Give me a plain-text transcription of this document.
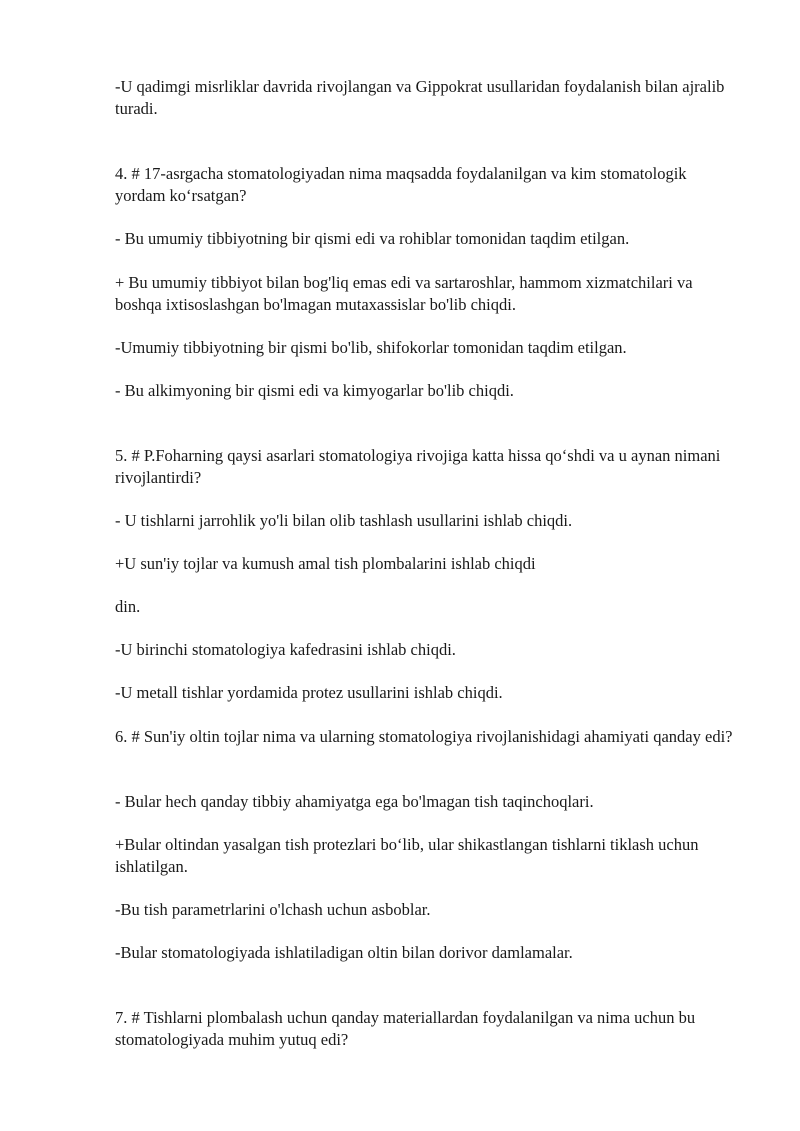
-U qadimgi misrliklar davrida rivojlangan va Gippokrat usullaridan foydalanish bilan ajralib turadi.

4. # 17-asrgacha stomatologiyadan nima maqsadda foydalanilgan va kim stomatologik yordam ko‘rsatgan?

- Bu umumiy tibbiyotning bir qismi edi va rohiblar tomonidan taqdim etilgan.

+ Bu umumiy tibbiyot bilan bog'liq emas edi va sartaroshlar, hammom xizmatchilari va boshqa ixtisoslashgan bo'lmagan mutaxassislar bo'lib chiqdi.

-Umumiy tibbiyotning bir qismi bo'lib, shifokorlar tomonidan taqdim etilgan.

- Bu alkimyoning bir qismi edi va kimyogarlar bo'lib chiqdi.

5. # P.Foharning qaysi asarlari stomatologiya rivojiga katta hissa qo‘shdi va u aynan nimani rivojlantirdi?

- U tishlarni jarrohlik yo'li bilan olib tashlash usullarini ishlab chiqdi.

+U sun'iy tojlar va kumush amal tish plombalarini ishlab chiqdi

din.

-U birinchi stomatologiya kafedrasini ishlab chiqdi.

-U metall tishlar yordamida protez usullarini ishlab chiqdi.

6. # Sun'iy oltin tojlar nima va ularning stomatologiya rivojlanishidagi ahamiyati qanday edi?

- Bular hech qanday tibbiy ahamiyatga ega bo'lmagan tish taqinchoqlari.

+Bular oltindan yasalgan tish protezlari bo‘lib, ular shikastlangan tishlarni tiklash uchun ishlatilgan.

-Bu tish parametrlarini o'lchash uchun asboblar.

-Bular stomatologiyada ishlatiladigan oltin bilan dorivor damlamalar.

7. # Tishlarni plombalash uchun qanday materiallardan foydalanilgan va nima uchun bu stomatologiyada muhim yutuq edi?
